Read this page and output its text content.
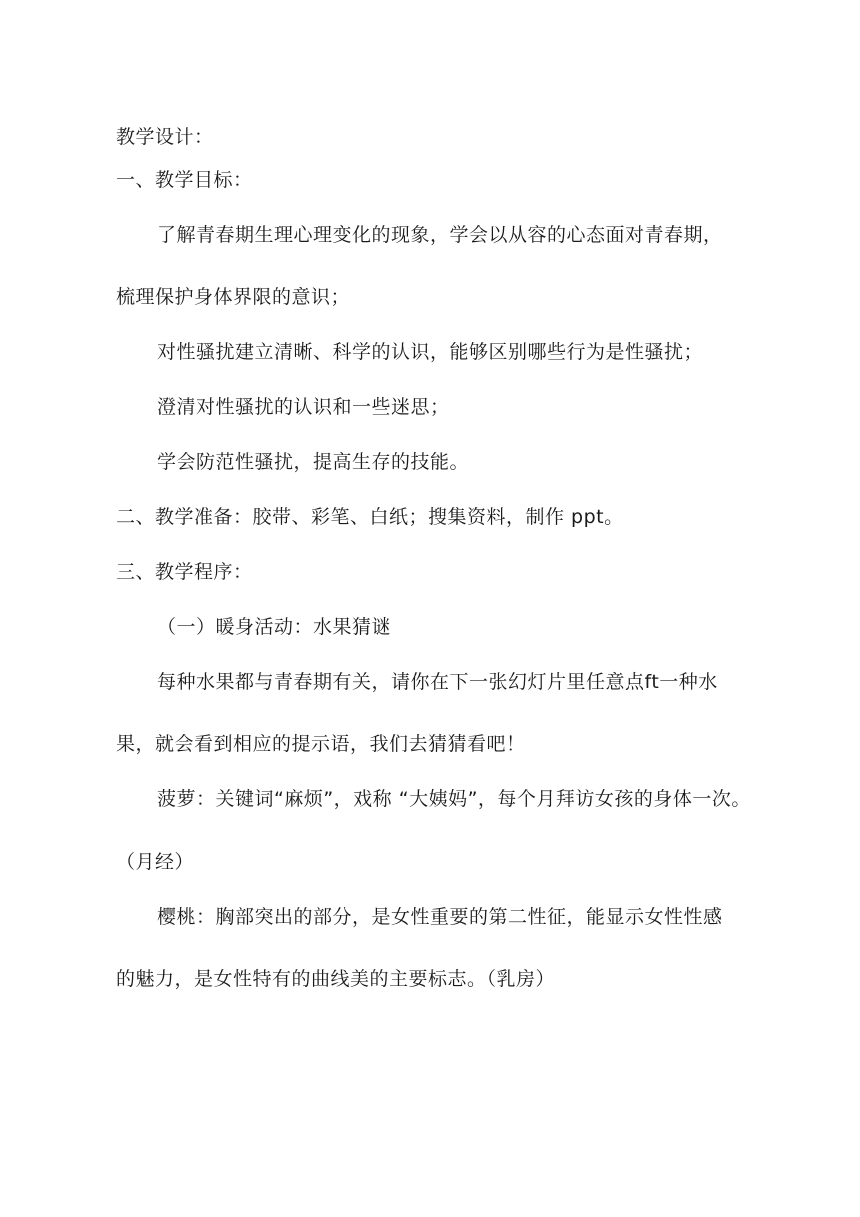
教学设计：
一、教学目标：
了解青春期生理心理变化的现象，学会以从容的心态面对青春期，
梳理保护身体界限的意识；
对性骚扰建立清晰、科学的认识，能够区别哪些行为是性骚扰；
澄清对性骚扰的认识和一些迷思；
学会防范性骚扰，提高生存的技能。
二、教学准备：胶带、彩笔、白纸；搜集资料，制作 ppt。
三、教学程序：
（一）暖身活动：水果猜谜
每种水果都与青春期有关，请你在下一张幻灯片里任意点ft一种水
果，就会看到相应的提示语，我们去猜猜看吧！
菠萝：关键词“麻烦”，戏称 “大姨妈”，每个月拜访女孩的身体一次。
（月经）
樱桃：胸部突出的部分，是女性重要的第二性征，能显示女性性感
的魅力，是女性特有的曲线美的主要标志。（乳房）
